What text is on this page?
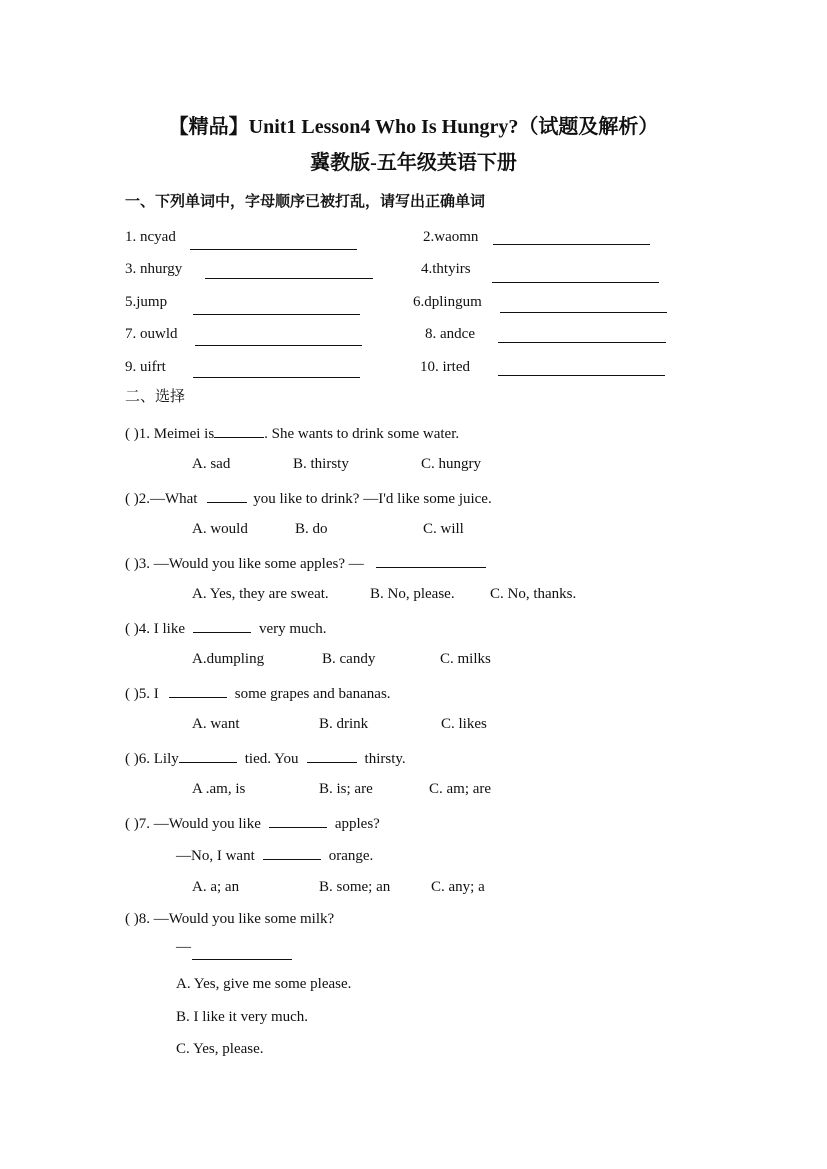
【精品】Unit1 Lesson4 Who Is Hungry?（试题及解析）
冀教版-五年级英语下册
一、下列单词中，字母顺序已被打乱，请写出正确单词
1. ncyad	2.waomn
3. nhurgy	4.thtyirs
5.jump	6.dplingum
7. ouwld	8. andce
9. uifrt	10. irted
二、选择
( )1. Meimei is	. She wants to drink some water.
A. sad	B. thirsty	C. hungry
( )2.—What	you like to drink? —I'd like some juice.
A. would	B. do	C. will
( )3. —Would you like some apples? —
A. Yes, they are sweat.	B. No, please. C. No, thanks.
( )4. I like	very much.
A.dumpling	B. candy	C. milks
( )5. I	some grapes and bananas.
A. want	B. drink	C. likes
( )6. Lily	tied. You	thirsty.
A .am, is	B. is; are	C. am; are
( )7. —Would you like	apples?
—No, I want	orange.
A. a; an	B. some; an	C. any; a
( )8. —Would you like some milk?
—
A. Yes, give me some please.
B. I like it very much.
C. Yes, please.
